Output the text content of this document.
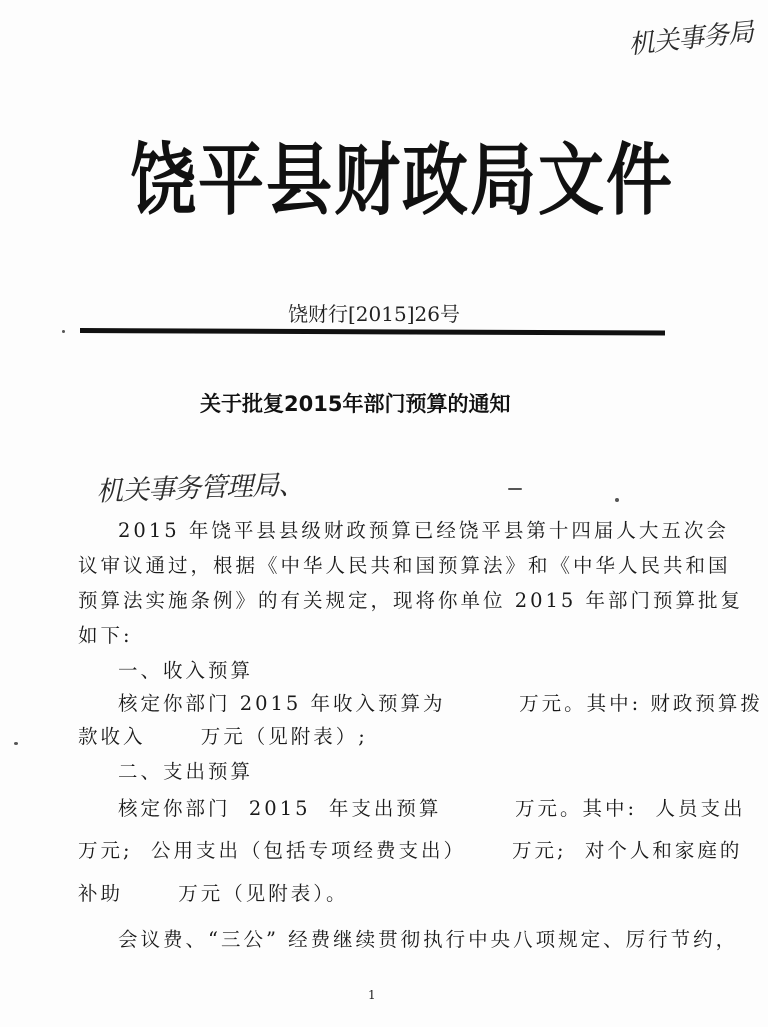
机关事务局
饶平县财政局文件
饶财行[2015]26号
关于批复2015年部门预算的通知
机关事务管理局、
2015 年饶平县县级财政预算已经饶平县第十四届人大五次会
议审议通过，根据《中华人民共和国预算法》和《中华人民共和国
预算法实施条例》的有关规定，现将你单位 2015 年部门预算批复
如下:
一、收入预算
核定你部门 2015 年收入预算为        万元。其中: 财政预算拨
款收入      万元（见附表）;
二、支出预算
核定你部门  2015  年支出预算        万元。其中:  人员支出
万元;  公用支出（包括专项经费支出）     万元;  对个人和家庭的
补助      万元（见附表）。
会议费、“三公” 经费继续贯彻执行中央八项规定、厉行节约，
1
